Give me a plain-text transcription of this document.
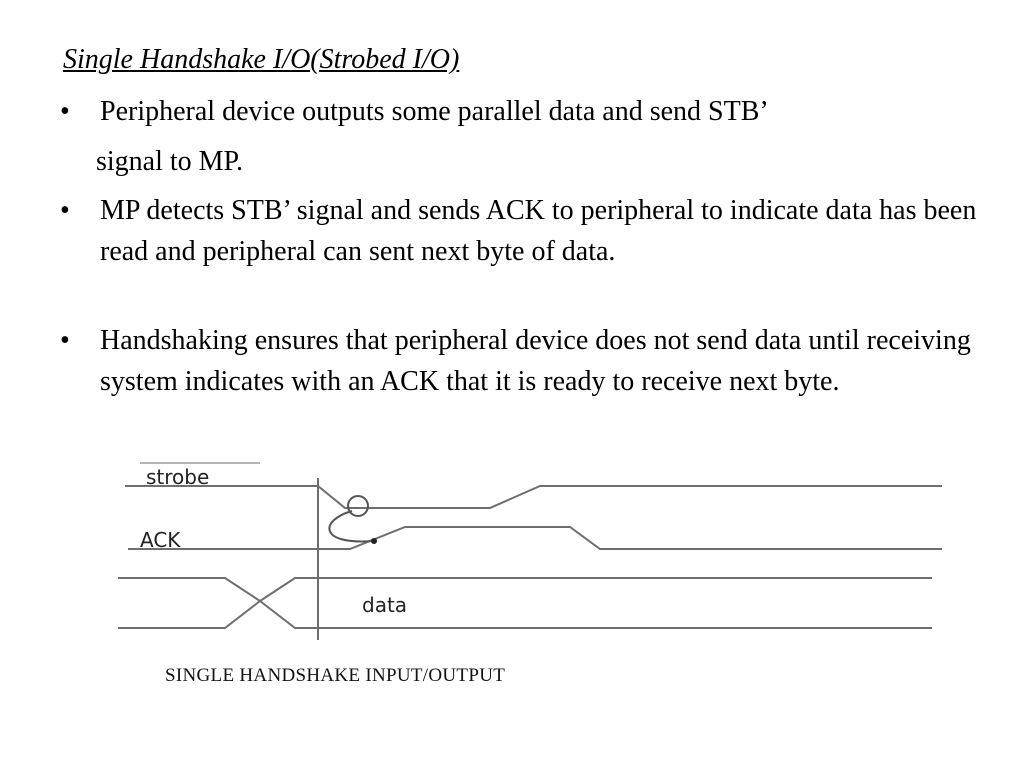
Single Handshake I/O(Strobed I/O)
• Peripheral device outputs some parallel data and send STB’
signal to MP.
• MP detects STB’ signal and sends ACK to peripheral to indicate data has been read and peripheral can sent next byte of data.
• Handshaking ensures that peripheral device does not send data until receiving system indicates with an ACK that it is ready to receive next byte.
strobe
ACK
data
SINGLE HANDSHAKE INPUT/OUTPUT
